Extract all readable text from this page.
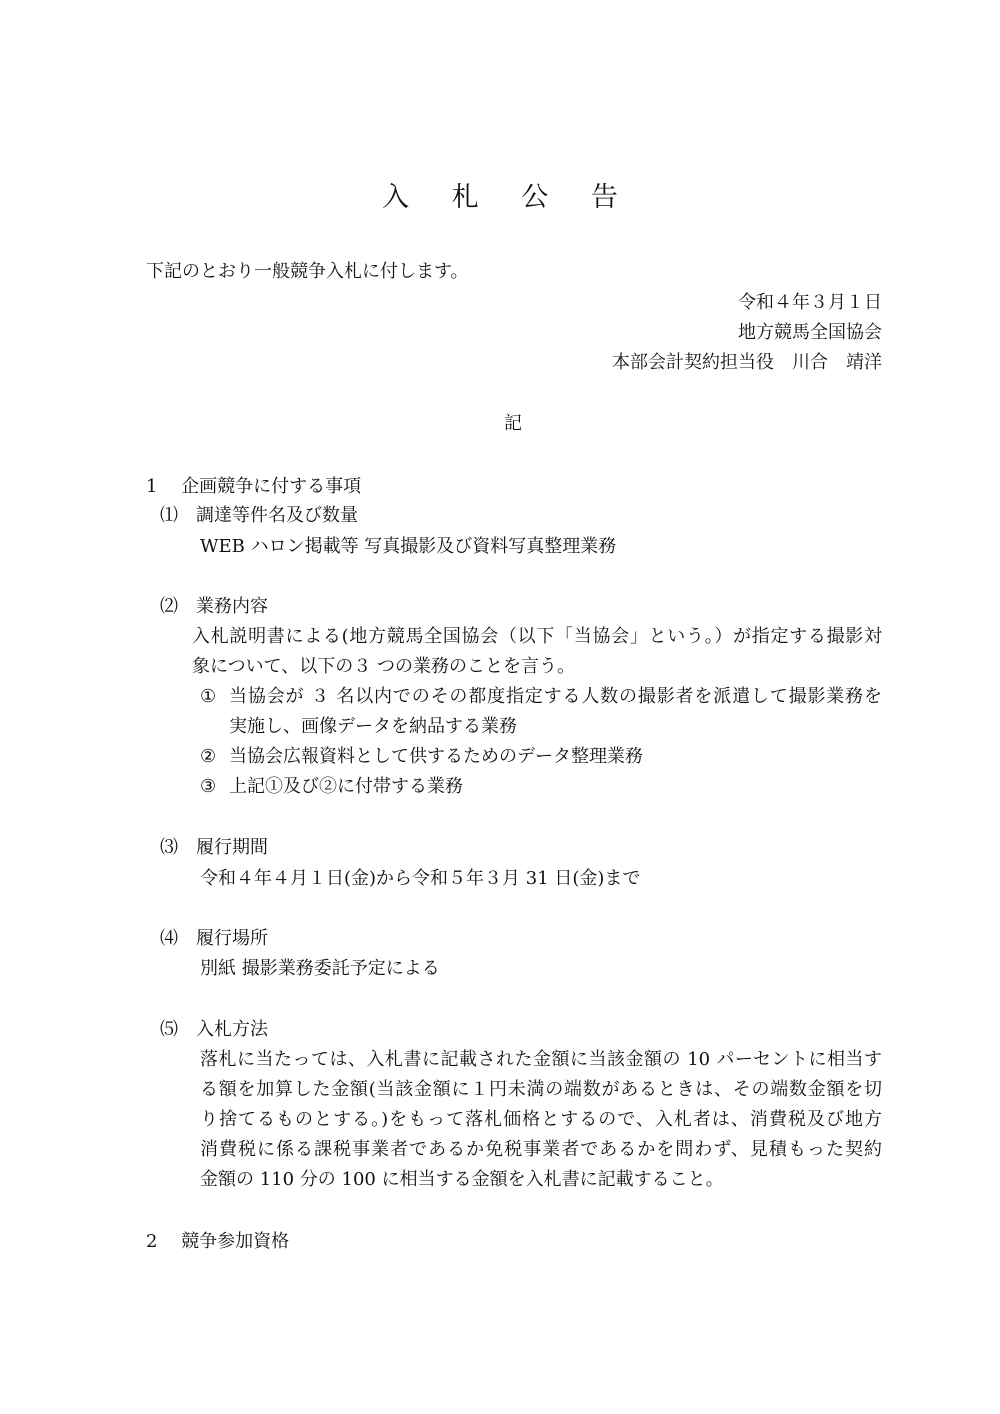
入 札 公 告
下記のとおり一般競争入札に付します。
令和４年３月１日
地方競馬全国協会
本部会計契約担当役　川合　靖洋
記
1　 企画競争に付する事項
⑴　調達等件名及び数量
WEB ハロン掲載等 写真撮影及び資料写真整理業務
⑵　業務内容
入札説明書による(地方競馬全国協会（以下「当協会」という。）が指定する撮影対
象について、以下の３ つの業務のことを言う。
① 当協会が ３ 名以内でのその都度指定する人数の撮影者を派遣して撮影業務を
実施し、画像データを納品する業務
② 当協会広報資料として供するためのデータ整理業務
③ 上記①及び②に付帯する業務
⑶　履行期間
令和４年４月１日(金)から令和５年３月 31 日(金)まで
⑷　履行場所
別紙 撮影業務委託予定による
⑸　入札方法
落札に当たっては、入札書に記載された金額に当該金額の 10 パーセントに相当す
る額を加算した金額(当該金額に１円未満の端数があるときは、その端数金額を切
り捨てるものとする。)をもって落札価格とするので、入札者は、消費税及び地方
消費税に係る課税事業者であるか免税事業者であるかを問わず、見積もった契約
金額の 110 分の 100 に相当する金額を入札書に記載すること。
2　 競争参加資格
